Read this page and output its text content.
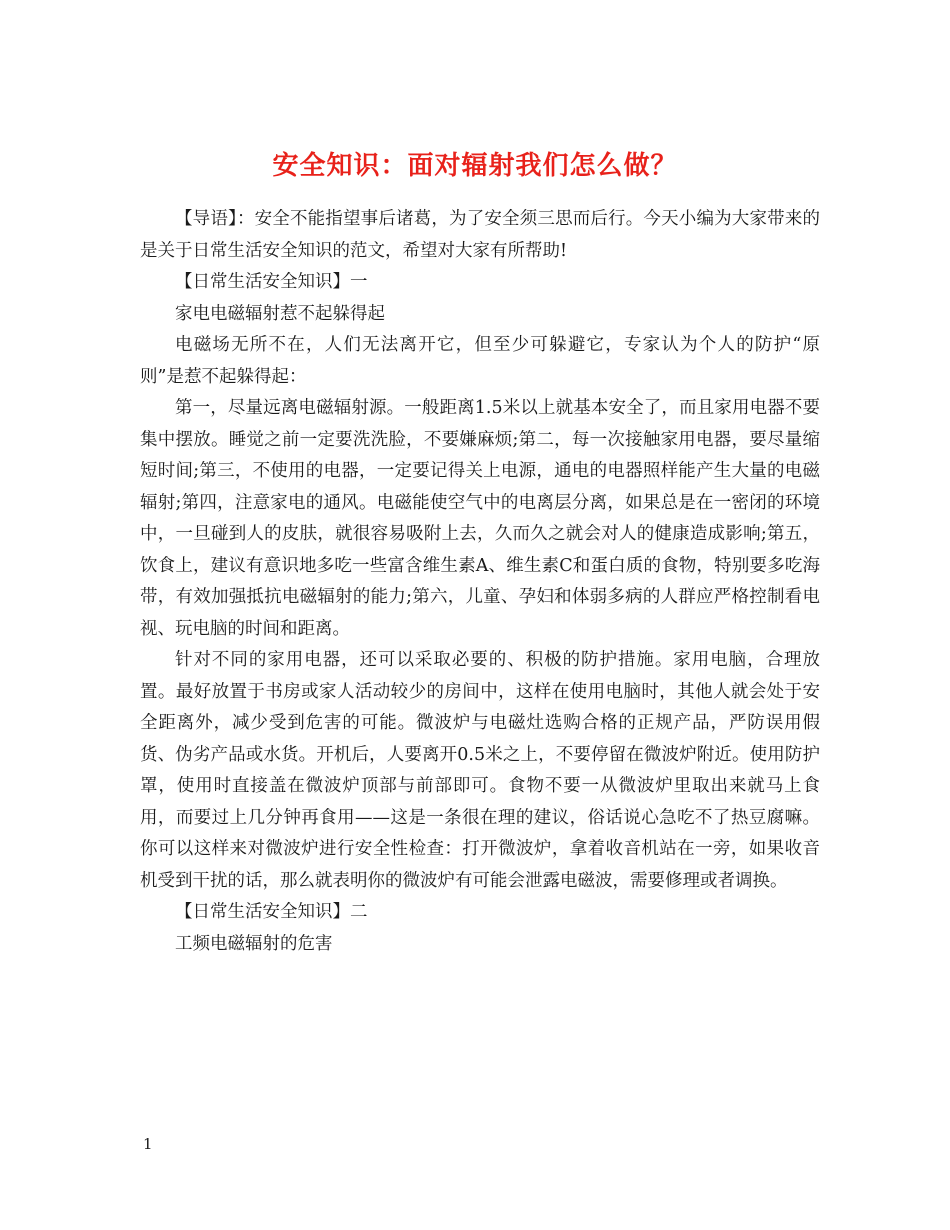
安全知识：面对辐射我们怎么做？

【导语】：安全不能指望事后诸葛，为了安全须三思而后行。今天小编为大家带来的是关于日常生活安全知识的范文，希望对大家有所帮助!

【日常生活安全知识】一

家电电磁辐射惹不起躲得起

电磁场无所不在，人们无法离开它，但至少可躲避它，专家认为个人的防护“原则”是惹不起躲得起：

第一，尽量远离电磁辐射源。一般距离1.5米以上就基本安全了，而且家用电器不要集中摆放。睡觉之前一定要洗洗脸，不要嫌麻烦;第二，每一次接触家用电器，要尽量缩短时间;第三，不使用的电器，一定要记得关上电源，通电的电器照样能产生大量的电磁辐射;第四，注意家电的通风。电磁能使空气中的电离层分离，如果总是在一密闭的环境中，一旦碰到人的皮肤，就很容易吸附上去，久而久之就会对人的健康造成影响;第五，饮食上，建议有意识地多吃一些富含维生素A、维生素C和蛋白质的食物，特别要多吃海带，有效加强抵抗电磁辐射的能力;第六，儿童、孕妇和体弱多病的人群应严格控制看电视、玩电脑的时间和距离。

针对不同的家用电器，还可以采取必要的、积极的防护措施。家用电脑，合理放置。最好放置于书房或家人活动较少的房间中，这样在使用电脑时，其他人就会处于安全距离外，减少受到危害的可能。微波炉与电磁灶选购合格的正规产品，严防误用假货、伪劣产品或水货。开机后，人要离开0.5米之上，不要停留在微波炉附近。使用防护罩，使用时直接盖在微波炉顶部与前部即可。食物不要一从微波炉里取出来就马上食用，而要过上几分钟再食用——这是一条很在理的建议，俗话说心急吃不了热豆腐嘛。你可以这样来对微波炉进行安全性检查：打开微波炉，拿着收音机站在一旁，如果收音机受到干扰的话，那么就表明你的微波炉有可能会泄露电磁波，需要修理或者调换。

【日常生活安全知识】二

工频电磁辐射的危害

1
